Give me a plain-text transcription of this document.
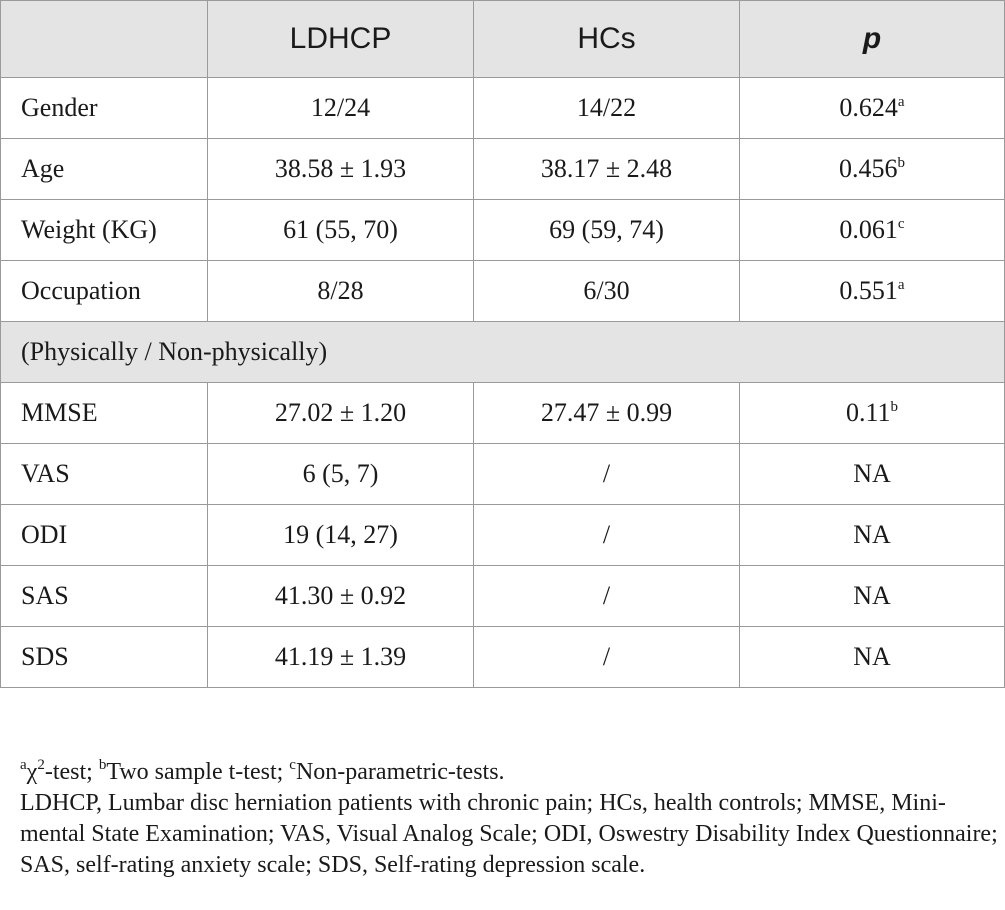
	LDHCP	HCs	p
Gender	12/24	14/22	0.624$^a$
Age	38.58 ± 1.93	38.17 ± 2.48	0.456$^b$
Weight (KG)	61 (55, 70)	69 (59, 74)	0.061$^c$
Occupation	8/28	6/30	0.551$^a$
(Physically / Non-physically)			
MMSE	27.02 ± 1.20	27.47 ± 0.99	0.11$^b$
VAS	6 (5, 7)	/	NA
ODI	19 (14, 27)	/	NA
SAS	41.30 ± 0.92	/	NA
SDS	41.19 ± 1.39	/	NA

$^a\chi^2$-test; $^b$Two sample t-test; $^c$Non-parametric-tests.

LDHCP, Lumbar disc herniation patients with chronic pain; HCs, health controls; MMSE, Mini-mental State Examination; VAS, Visual Analog Scale; ODI, Oswestry Disability Index Questionnaire; SAS, self-rating anxiety scale; SDS, Self-rating depression scale.
